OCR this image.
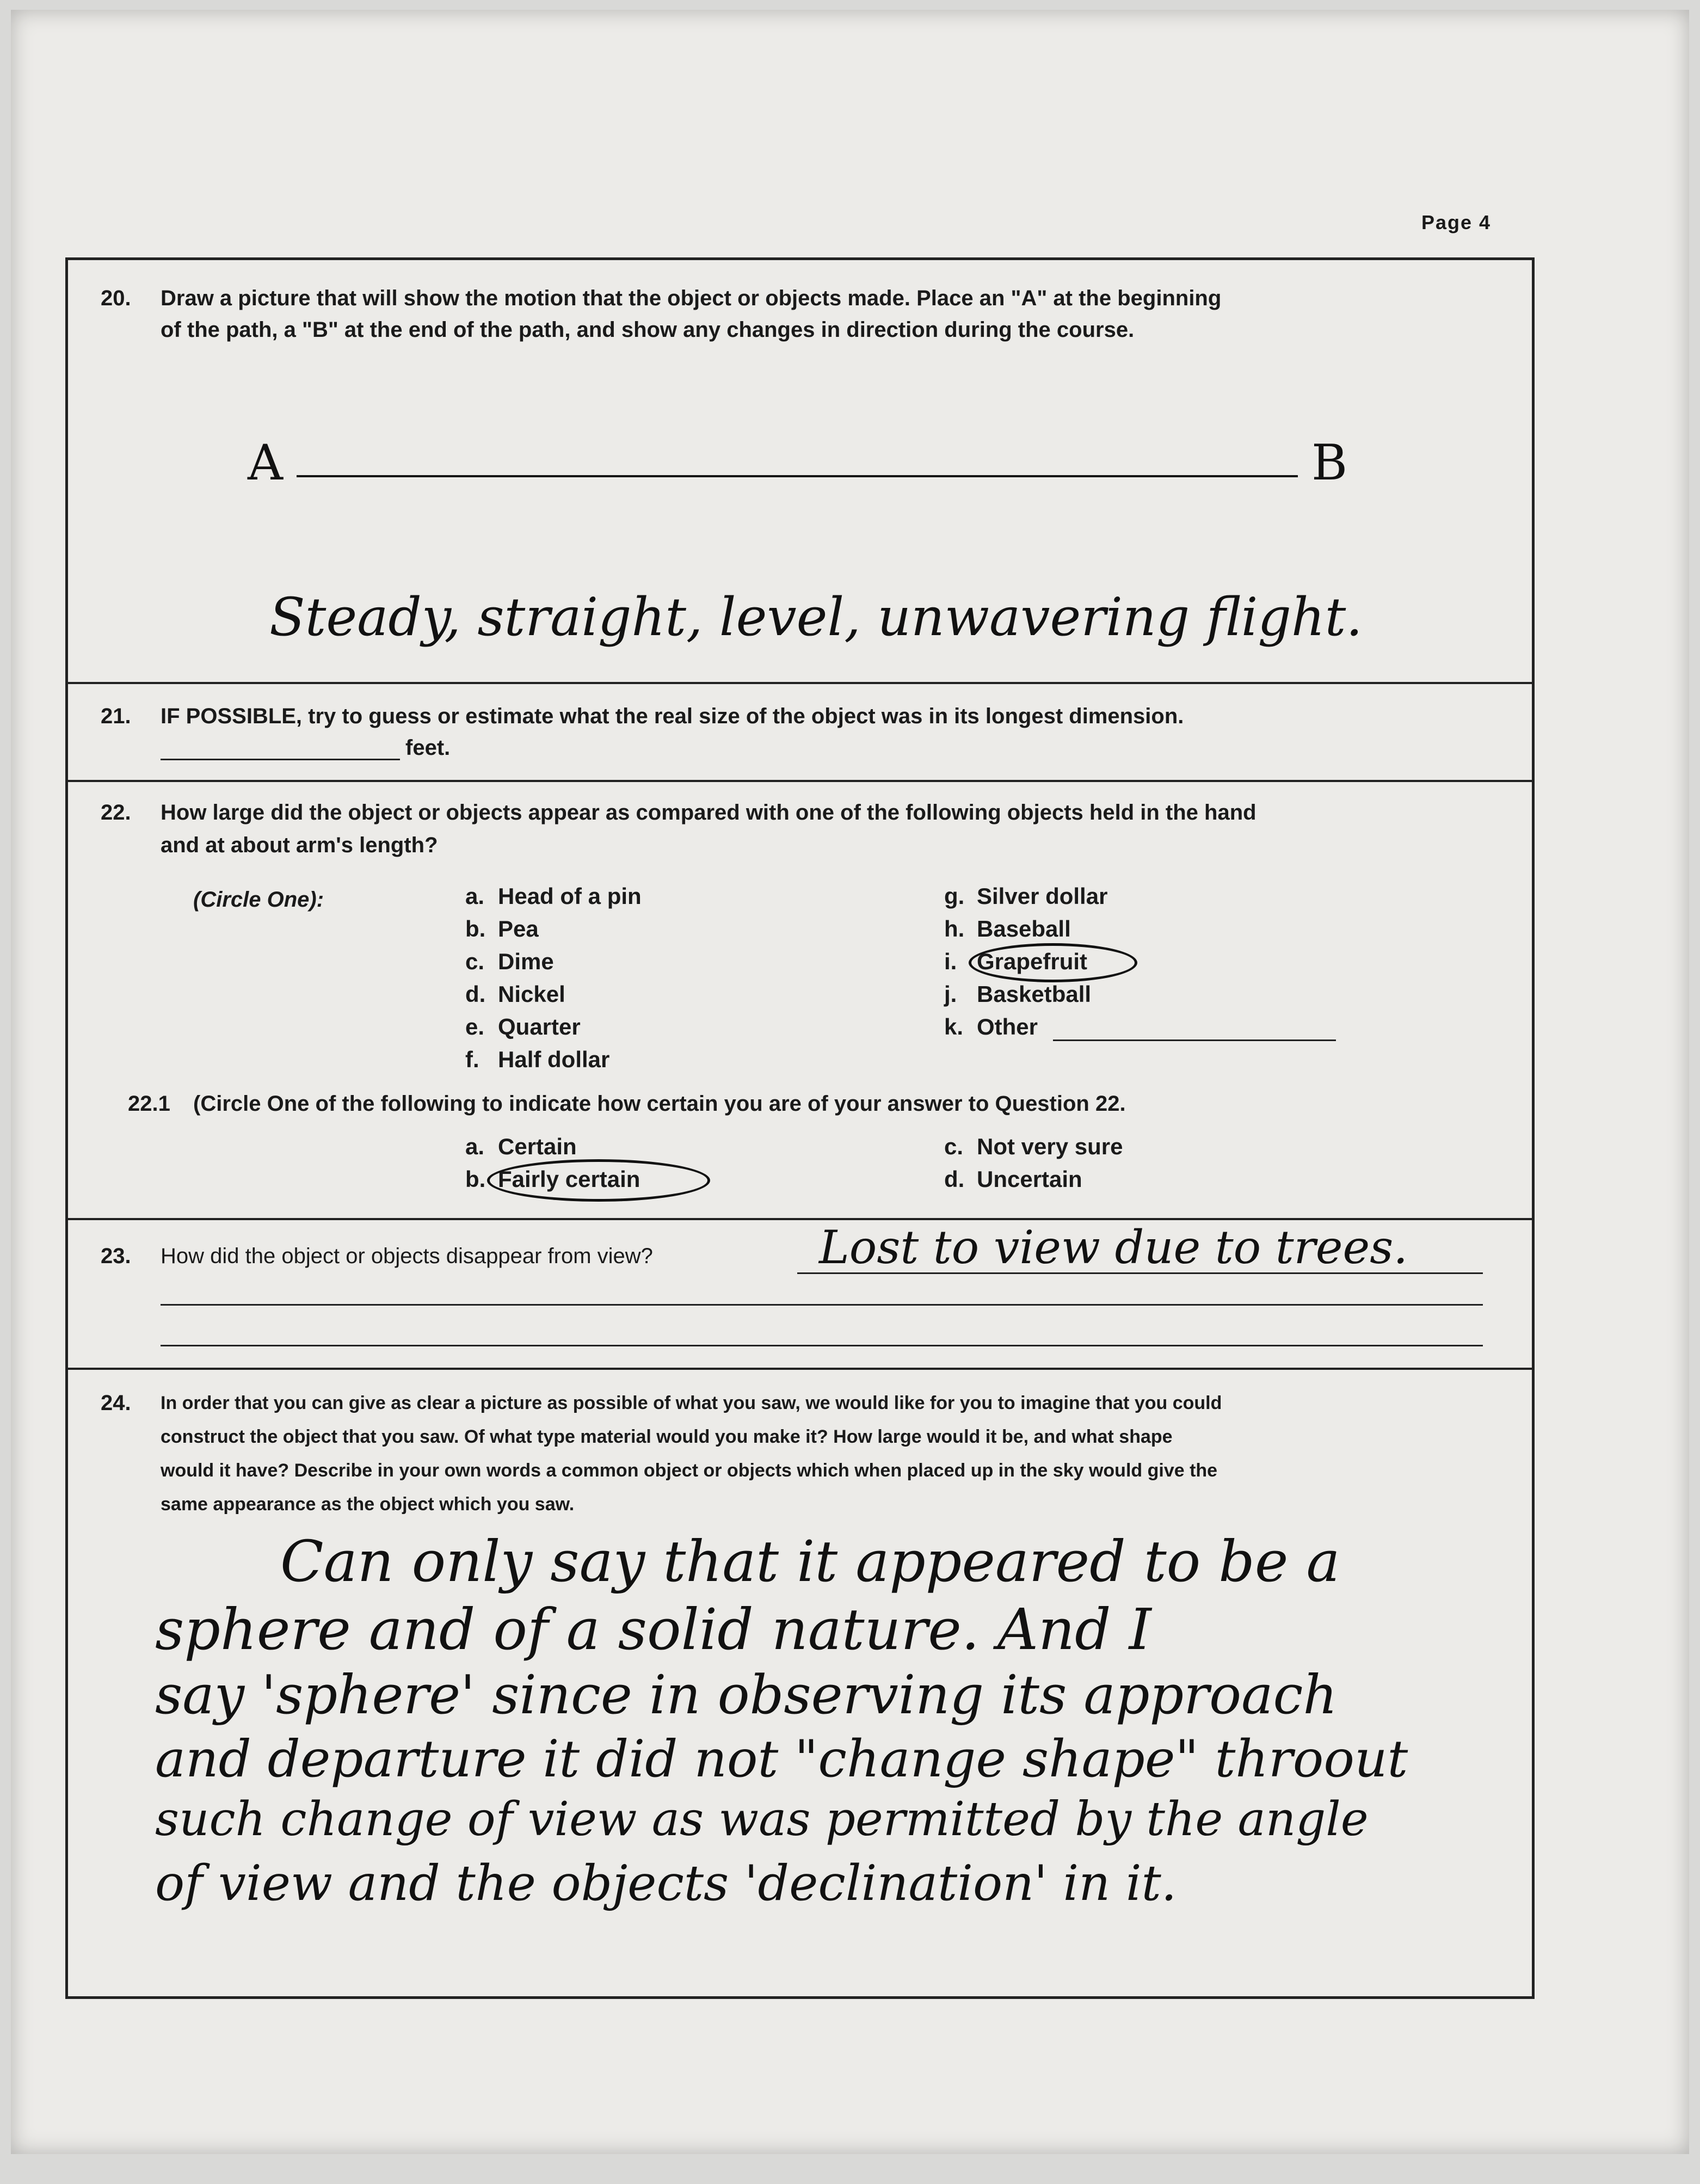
Page 4
20. Draw a picture that will show the motion that the object or objects made. Place an "A" at the beginning
of the path, a "B" at the end of the path, and show any changes in direction during the course.
A	B
Steady, straight, level, unwavering flight.
21. IF POSSIBLE, try to guess or estimate what the real size of the object was in its longest dimension.
feet.
22. How large did the object or objects appear as compared with one of the following objects held in the hand
and at about arm's length?
(Circle One):	a. Head of a pin
b. Pea
c. Dime
d. Nickel
e. Quarter
f. Half dollar
g. Silver dollar
h. Baseball
i. Grapefruit
j. Basketball
k. Other
22.1 (Circle One of the following to indicate how certain you are of your answer to Question 22.
a. Certain
b. Fairly certain
c. Not very sure
d. Uncertain
23. How did the object or objects disappear from view?	Lost to view due to trees.
24. In order that you can give as clear a picture as possible of what you saw, we would like for you to imagine that you could
construct the object that you saw. Of what type material would you make it? How large would it be, and what shape
would it have? Describe in your own words a common object or objects which when placed up in the sky would give the
same appearance as the object which you saw.
Can only say that it appeared to be a
sphere and of a solid nature. And I
say 'sphere' since in observing its approach
and departure it did not "change shape" throout
such change of view as was permitted by the angle
of view and the objects 'declination' in it.
